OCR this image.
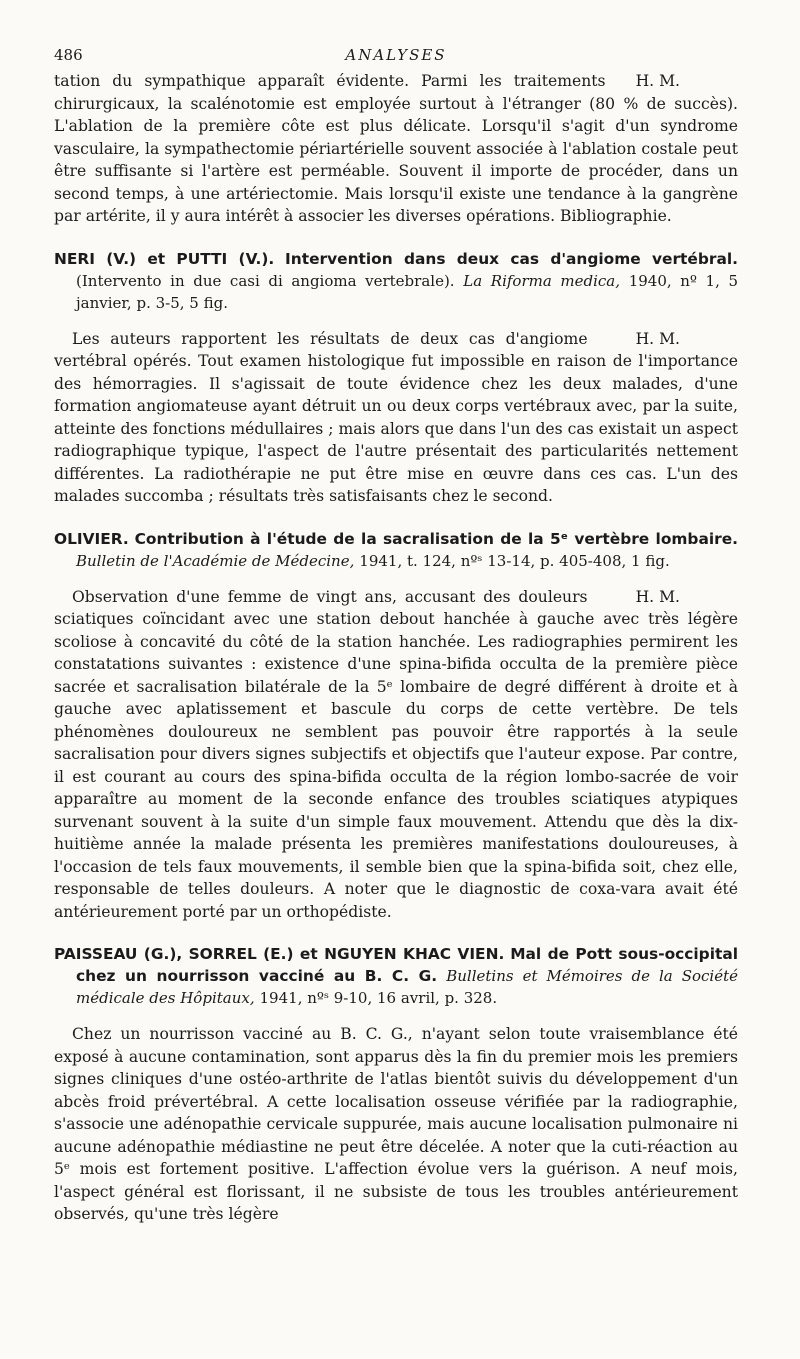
486	ANALYSES

H. M.
tation du sympathique apparaît évidente. Parmi les traitements chirurgicaux, la scalénotomie est employée surtout à l'étranger (80 % de succès). L'ablation de la première côte est plus délicate. Lorsqu'il s'agit d'un syndrome vasculaire, la sympathectomie périartérielle souvent associée à l'ablation costale peut être suffisante si l'artère est perméable. Souvent il importe de procéder, dans un second temps, à une artériectomie. Mais lorsqu'il existe une tendance à la gangrène par artérite, il y aura intérêt à associer les diverses opérations. Bibliographie.

NERI (V.) et PUTTI (V.). Intervention dans deux cas d'angiome vertébral. (Intervento in due casi di angioma vertebrale). La Riforma medica, 1940, nº 1, 5 janvier, p. 3-5, 5 fig.

H. M.
Les auteurs rapportent les résultats de deux cas d'angiome vertébral opérés. Tout examen histologique fut impossible en raison de l'importance des hémorragies. Il s'agissait de toute évidence chez les deux malades, d'une formation angiomateuse ayant détruit un ou deux corps vertébraux avec, par la suite, atteinte des fonctions médullaires ; mais alors que dans l'un des cas existait un aspect radiographique typique, l'aspect de l'autre présentait des particularités nettement différentes. La radiothérapie ne put être mise en œuvre dans ces cas. L'un des malades succomba ; résultats très satisfaisants chez le second.

OLIVIER. Contribution à l'étude de la sacralisation de la 5ᵉ vertèbre lombaire. Bulletin de l'Académie de Médecine, 1941, t. 124, nºˢ 13-14, p. 405-408, 1 fig.

H. M.
Observation d'une femme de vingt ans, accusant des douleurs sciatiques coïncidant avec une station debout hanchée à gauche avec très légère scoliose à concavité du côté de la station hanchée. Les radiographies permirent les constatations suivantes : existence d'une spina-bifida occulta de la première pièce sacrée et sacralisation bilatérale de la 5ᵉ lombaire de degré différent à droite et à gauche avec aplatissement et bascule du corps de cette vertèbre. De tels phénomènes douloureux ne semblent pas pouvoir être rapportés à la seule sacralisation pour divers signes subjectifs et objectifs que l'auteur expose. Par contre, il est courant au cours des spina-bifida occulta de la région lombo-sacrée de voir apparaître au moment de la seconde enfance des troubles sciatiques atypiques survenant souvent à la suite d'un simple faux mouvement. Attendu que dès la dix-huitième année la malade présenta les premières manifestations douloureuses, à l'occasion de tels faux mouvements, il semble bien que la spina-bifida soit, chez elle, responsable de telles douleurs. A noter que le diagnostic de coxa-vara avait été antérieurement porté par un orthopédiste.

PAISSEAU (G.), SORREL (E.) et NGUYEN KHAC VIEN. Mal de Pott sous-occipital chez un nourrisson vacciné au B. C. G. Bulletins et Mémoires de la Société médicale des Hôpitaux, 1941, nºˢ 9-10, 16 avril, p. 328.

Chez un nourrisson vacciné au B. C. G., n'ayant selon toute vraisemblance été exposé à aucune contamination, sont apparus dès la fin du premier mois les premiers signes cliniques d'une ostéo-arthrite de l'atlas bientôt suivis du développement d'un abcès froid prévertébral. A cette localisation osseuse vérifiée par la radiographie, s'associe une adénopathie cervicale suppurée, mais aucune localisation pulmonaire ni aucune adénopathie médiastine ne peut être décelée. A noter que la cuti-réaction au 5ᵉ mois est fortement positive. L'affection évolue vers la guérison. A neuf mois, l'aspect général est florissant, il ne subsiste de tous les troubles antérieurement observés, qu'une très légère
